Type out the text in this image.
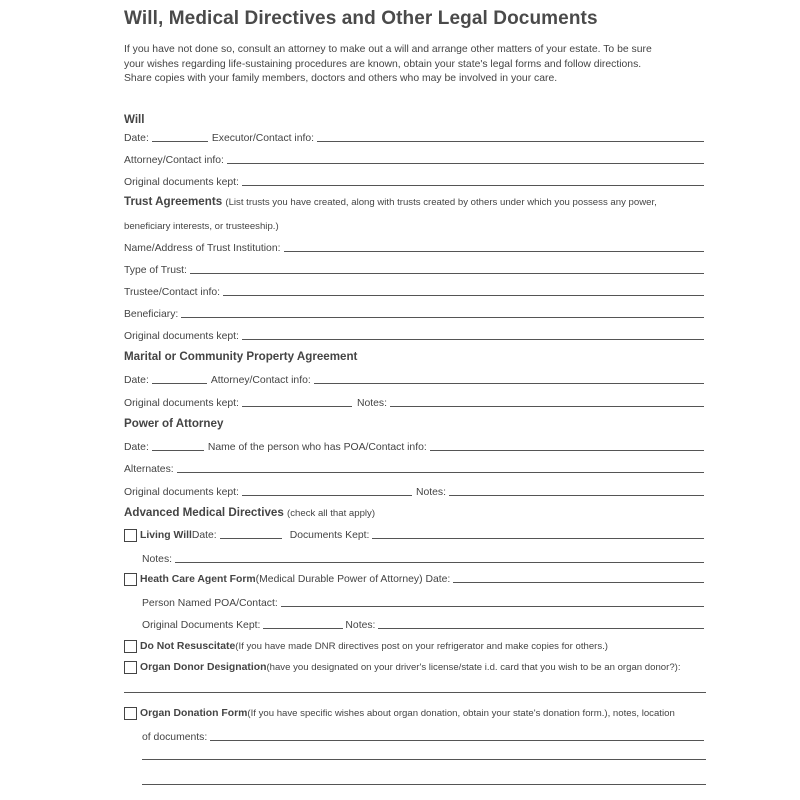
Will, Medical Directives and Other Legal Documents

If you have not done so, consult an attorney to make out a will and arrange other matters of your estate. To be sure

your wishes regarding life-sustaining procedures are known, obtain your state's legal forms and follow directions.

Share copies with your family members, doctors and others who may be involved in your care.

Will
Date:	Executor/Contact info:
Attorney/Contact info:
Original documents kept:
Trust Agreements (List trusts you have created, along with trusts created by others under which you possess any power,
beneficiary interests, or trusteeship.)
Name/Address of Trust Institution:
Type of Trust:
Trustee/Contact info:
Beneficiary:
Original documents kept:
Marital or Community Property Agreement
Date:	Attorney/Contact info:
Original documents kept:	Notes:
Power of Attorney
Date:	Name of the person who has POA/Contact info:
Alternates:
Original documents kept:	Notes:
Advanced Medical Directives (check all that apply)
Living Will Date:	Documents Kept:
Notes:
Heath Care Agent Form (Medical Durable Power of Attorney) Date:
Person Named POA/Contact:
Original Documents Kept:	Notes:
Do Not Resuscitate (If you have made DNR directives post on your refrigerator and make copies for others.)
Organ Donor Designation (have you designated on your driver's license/state i.d. card that you wish to be an organ donor?):
Organ Donation Form (If you have specific wishes about organ donation, obtain your state's donation form.), notes, location
of documents:
